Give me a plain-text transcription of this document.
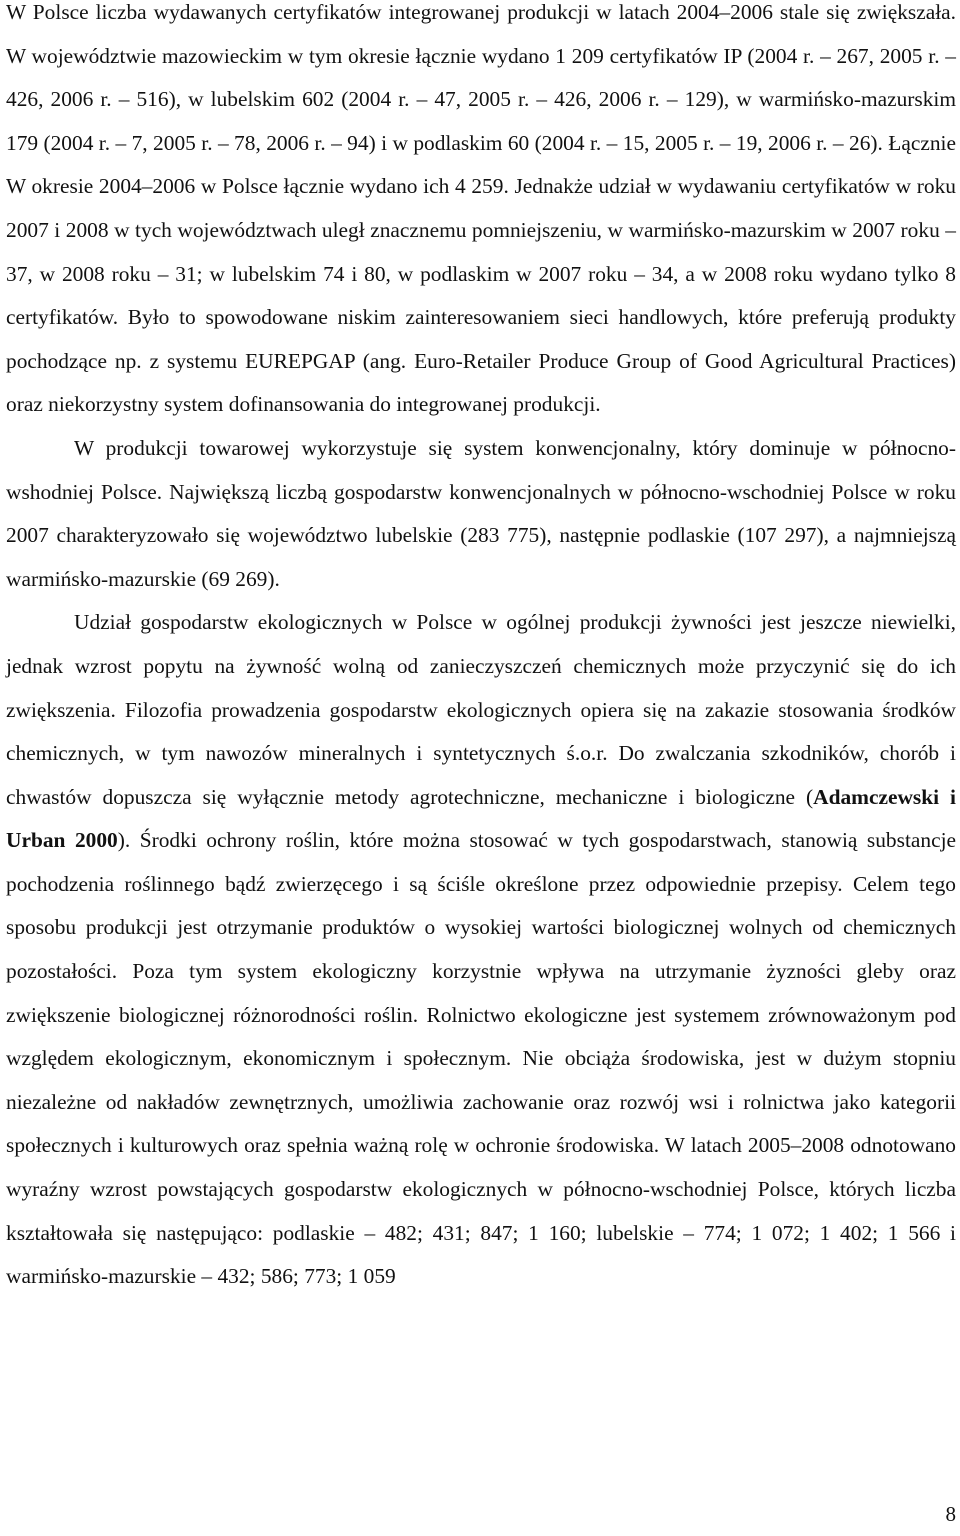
W Polsce liczba wydawanych certyfikatów integrowanej produkcji w latach 2004–2006 stale się zwiększała. W województwie mazowieckim w tym okresie łącznie wydano 1 209 certyfikatów IP (2004 r. – 267, 2005 r. – 426, 2006 r. – 516), w lubelskim 602 (2004 r. – 47, 2005 r. – 426, 2006 r. – 129), w warmińsko-mazurskim 179 (2004 r. – 7, 2005 r. – 78, 2006 r. – 94) i w podlaskim 60 (2004 r. – 15, 2005 r. – 19, 2006 r. – 26). Łącznie W okresie 2004–2006 w Polsce łącznie wydano ich 4 259. Jednakże udział w wydawaniu certyfikatów w roku 2007 i 2008 w tych województwach uległ znacznemu pomniejszeniu, w warmińsko-mazurskim w 2007 roku – 37, w 2008 roku – 31; w lubelskim 74 i 80, w podlaskim w 2007 roku – 34, a w 2008 roku wydano tylko 8 certyfikatów. Było to spowodowane niskim zainteresowaniem sieci handlowych, które preferują produkty pochodzące np. z systemu EUREPGAP (ang. Euro-Retailer Produce Group of Good Agricultural Practices) oraz niekorzystny system dofinansowania do integrowanej produkcji.

W produkcji towarowej wykorzystuje się system konwencjonalny, który dominuje w północno-wshodniej Polsce. Największą liczbą gospodarstw konwencjonalnych w północno-wschodniej Polsce w roku 2007 charakteryzowało się województwo lubelskie (283 775), następnie podlaskie (107 297), a najmniejszą warmińsko-mazurskie (69 269).

Udział gospodarstw ekologicznych w Polsce w ogólnej produkcji żywności jest jeszcze niewielki, jednak wzrost popytu na żywność wolną od zanieczyszczeń chemicznych może przyczynić się do ich zwiększenia. Filozofia prowadzenia gospodarstw ekologicznych opiera się na zakazie stosowania środków chemicznych, w tym nawozów mineralnych i syntetycznych ś.o.r. Do zwalczania szkodników, chorób i chwastów dopuszcza się wyłącznie metody agrotechniczne, mechaniczne i biologiczne (Adamczewski i Urban 2000). Środki ochrony roślin, które można stosować w tych gospodarstwach, stanowią substancje pochodzenia roślinnego bądź zwierzęcego i są ściśle określone przez odpowiednie przepisy. Celem tego sposobu produkcji jest otrzymanie produktów o wysokiej wartości biologicznej wolnych od chemicznych pozostałości. Poza tym system ekologiczny korzystnie wpływa na utrzymanie żyzności gleby oraz zwiększenie biologicznej różnorodności roślin. Rolnictwo ekologiczne jest systemem zrównoważonym pod względem ekologicznym, ekonomicznym i społecznym. Nie obciąża środowiska, jest w dużym stopniu niezależne od nakładów zewnętrznych, umożliwia zachowanie oraz rozwój wsi i rolnictwa jako kategorii społecznych i kulturowych oraz spełnia ważną rolę w ochronie środowiska. W latach 2005–2008 odnotowano wyraźny wzrost powstających gospodarstw ekologicznych w północno-wschodniej Polsce, których liczba kształtowała się następująco: podlaskie – 482; 431; 847; 1 160; lubelskie – 774; 1 072; 1 402; 1 566 i warmińsko-mazurskie – 432; 586; 773; 1 059

8
